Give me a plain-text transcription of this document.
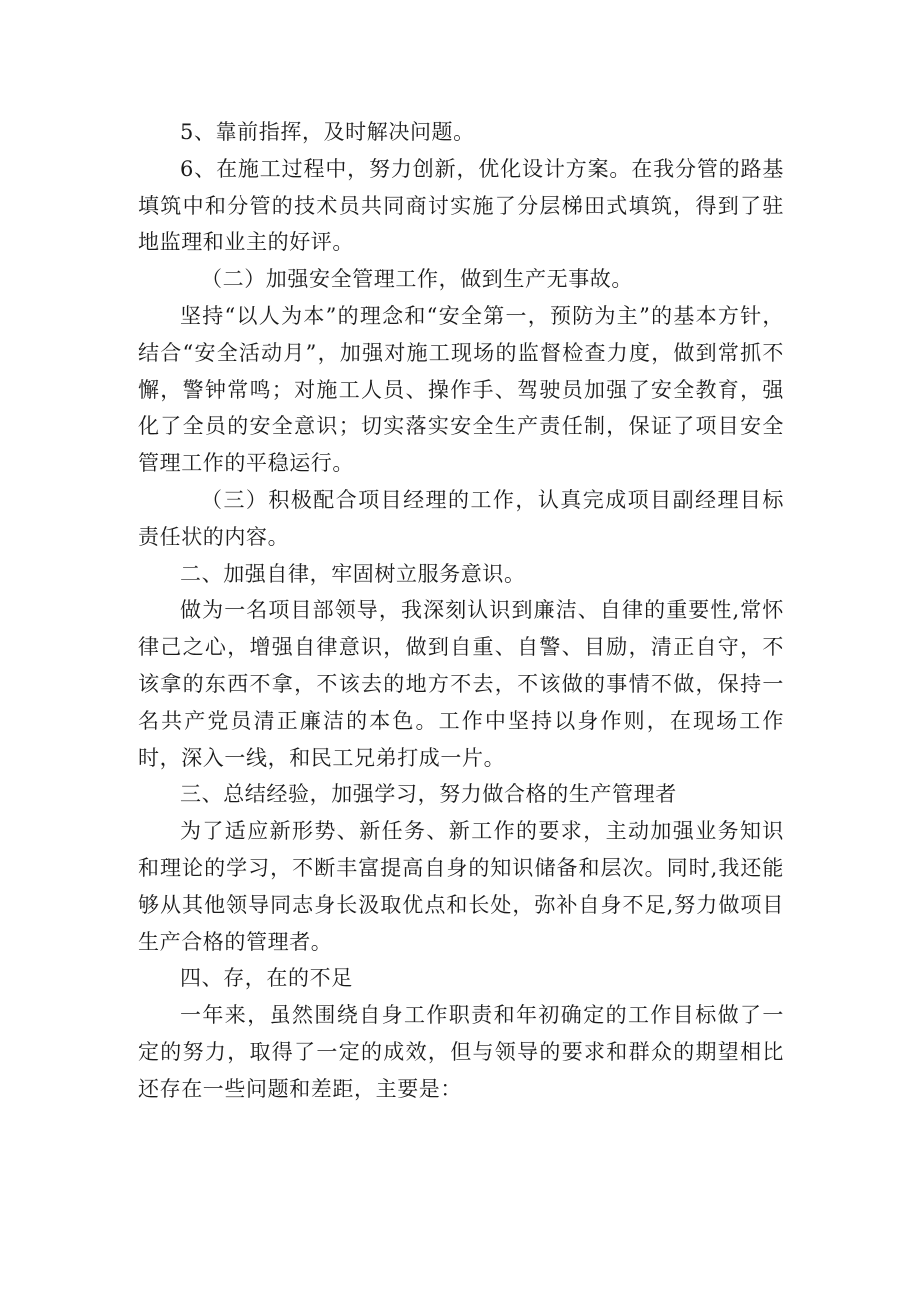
5、靠前指挥，及时解决问题。

6、在施工过程中，努力创新，优化设计方案。在我分管的路基填筑中和分管的技术员共同商讨实施了分层梯田式填筑，得到了驻地监理和业主的好评。

（二）加强安全管理工作，做到生产无事故。

坚持“以人为本”的理念和“安全第一，预防为主”的基本方针，结合“安全活动月”，加强对施工现场的监督检查力度，做到常抓不懈，警钟常鸣；对施工人员、操作手、驾驶员加强了安全教育，强化了全员的安全意识；切实落实安全生产责任制，保证了项目安全管理工作的平稳运行。

（三）积极配合项目经理的工作，认真完成项目副经理目标责任状的内容。

二、加强自律，牢固树立服务意识。

做为一名项目部领导，我深刻认识到廉洁、自律的重要性,常怀律己之心，增强自律意识，做到自重、自警、目励，清正自守，不该拿的东西不拿，不该去的地方不去，不该做的事情不做，保持一名共产党员清正廉洁的本色。工作中坚持以身作则，在现场工作时，深入一线，和民工兄弟打成一片。

三、总结经验，加强学习，努力做合格的生产管理者

为了适应新形势、新任务、新工作的要求，主动加强业务知识和理论的学习，不断丰富提高自身的知识储备和层次。同时,我还能够从其他领导同志身长汲取优点和长处，弥补自身不足,努力做项目生产合格的管理者。

四、存，在的不足

一年来，虽然围绕自身工作职责和年初确定的工作目标做了一定的努力，取得了一定的成效，但与领导的要求和群众的期望相比还存在一些问题和差距，主要是：
